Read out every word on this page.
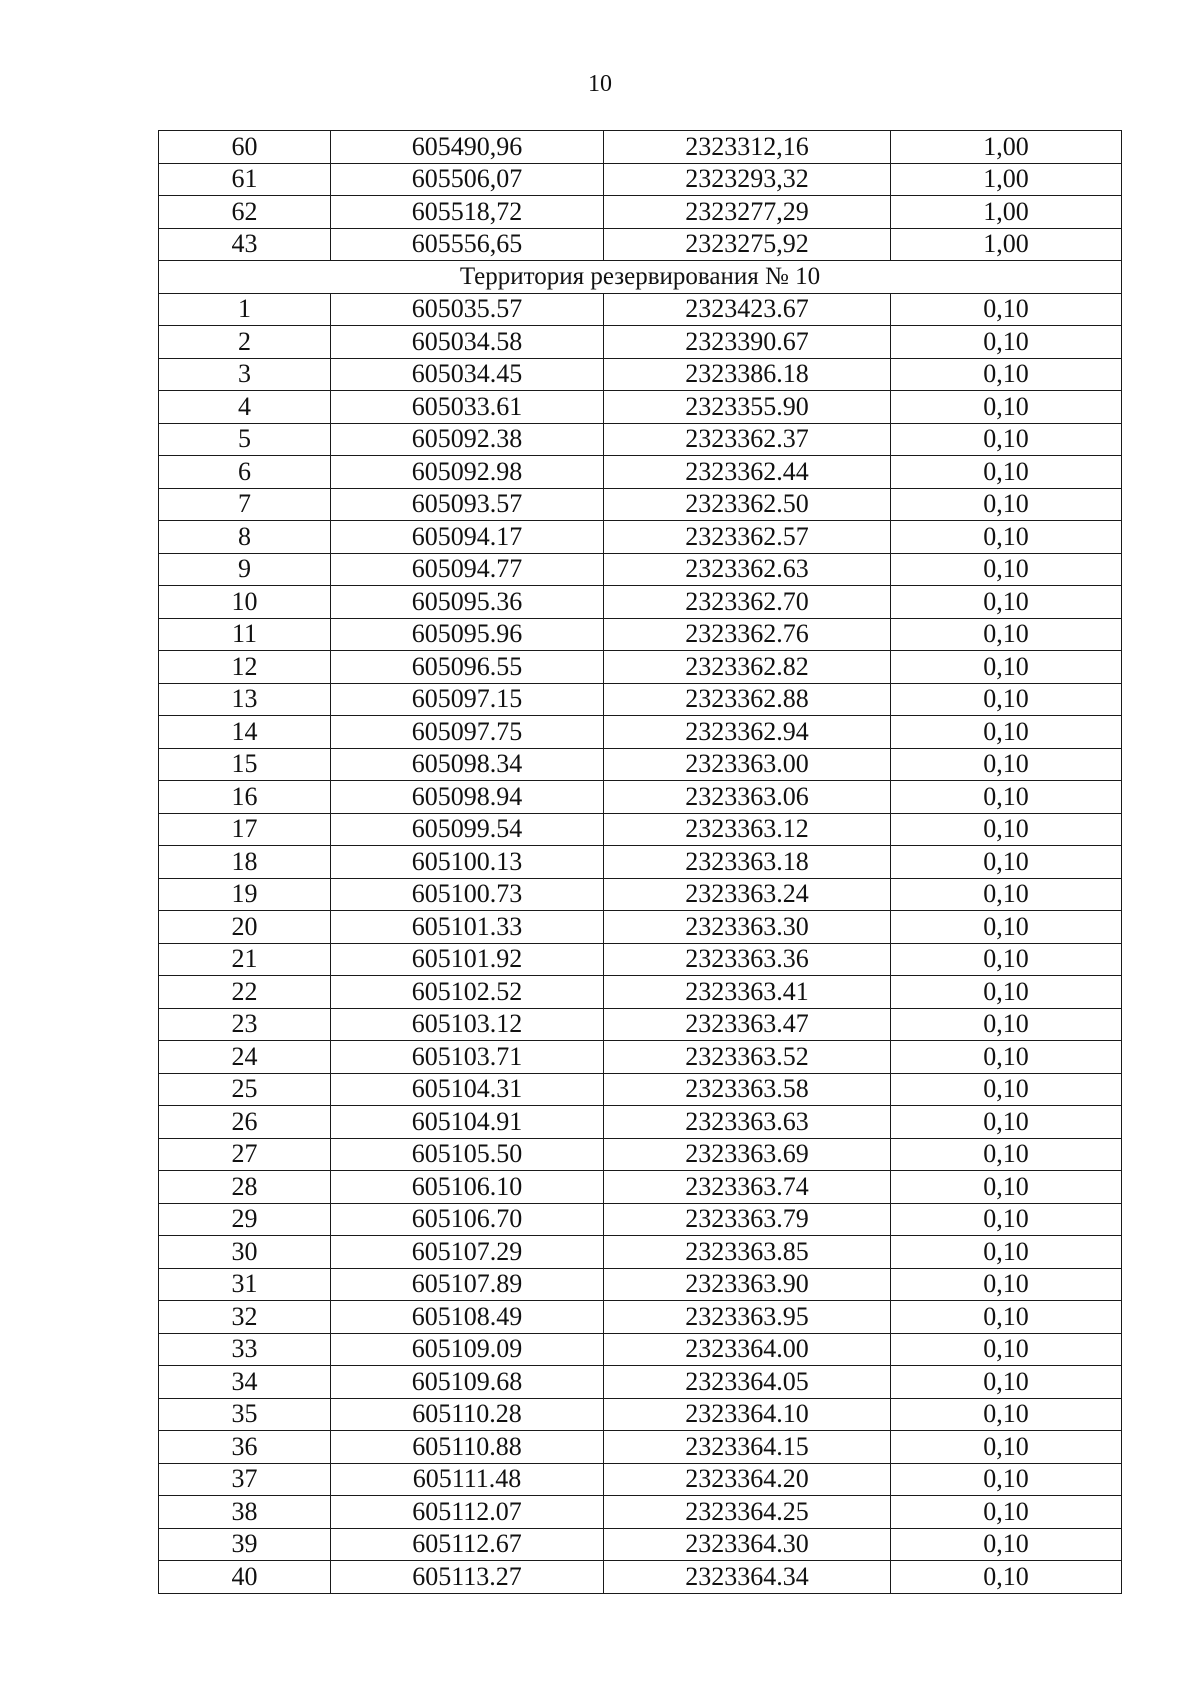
10
60	605490,96	2323312,16	1,00
61	605506,07	2323293,32	1,00
62	605518,72	2323277,29	1,00
43	605556,65	2323275,92	1,00
Территория резервирования № 10			
1	605035.57	2323423.67	0,10
2	605034.58	2323390.67	0,10
3	605034.45	2323386.18	0,10
4	605033.61	2323355.90	0,10
5	605092.38	2323362.37	0,10
6	605092.98	2323362.44	0,10
7	605093.57	2323362.50	0,10
8	605094.17	2323362.57	0,10
9	605094.77	2323362.63	0,10
10	605095.36	2323362.70	0,10
11	605095.96	2323362.76	0,10
12	605096.55	2323362.82	0,10
13	605097.15	2323362.88	0,10
14	605097.75	2323362.94	0,10
15	605098.34	2323363.00	0,10
16	605098.94	2323363.06	0,10
17	605099.54	2323363.12	0,10
18	605100.13	2323363.18	0,10
19	605100.73	2323363.24	0,10
20	605101.33	2323363.30	0,10
21	605101.92	2323363.36	0,10
22	605102.52	2323363.41	0,10
23	605103.12	2323363.47	0,10
24	605103.71	2323363.52	0,10
25	605104.31	2323363.58	0,10
26	605104.91	2323363.63	0,10
27	605105.50	2323363.69	0,10
28	605106.10	2323363.74	0,10
29	605106.70	2323363.79	0,10
30	605107.29	2323363.85	0,10
31	605107.89	2323363.90	0,10
32	605108.49	2323363.95	0,10
33	605109.09	2323364.00	0,10
34	605109.68	2323364.05	0,10
35	605110.28	2323364.10	0,10
36	605110.88	2323364.15	0,10
37	605111.48	2323364.20	0,10
38	605112.07	2323364.25	0,10
39	605112.67	2323364.30	0,10
40	605113.27	2323364.34	0,10
